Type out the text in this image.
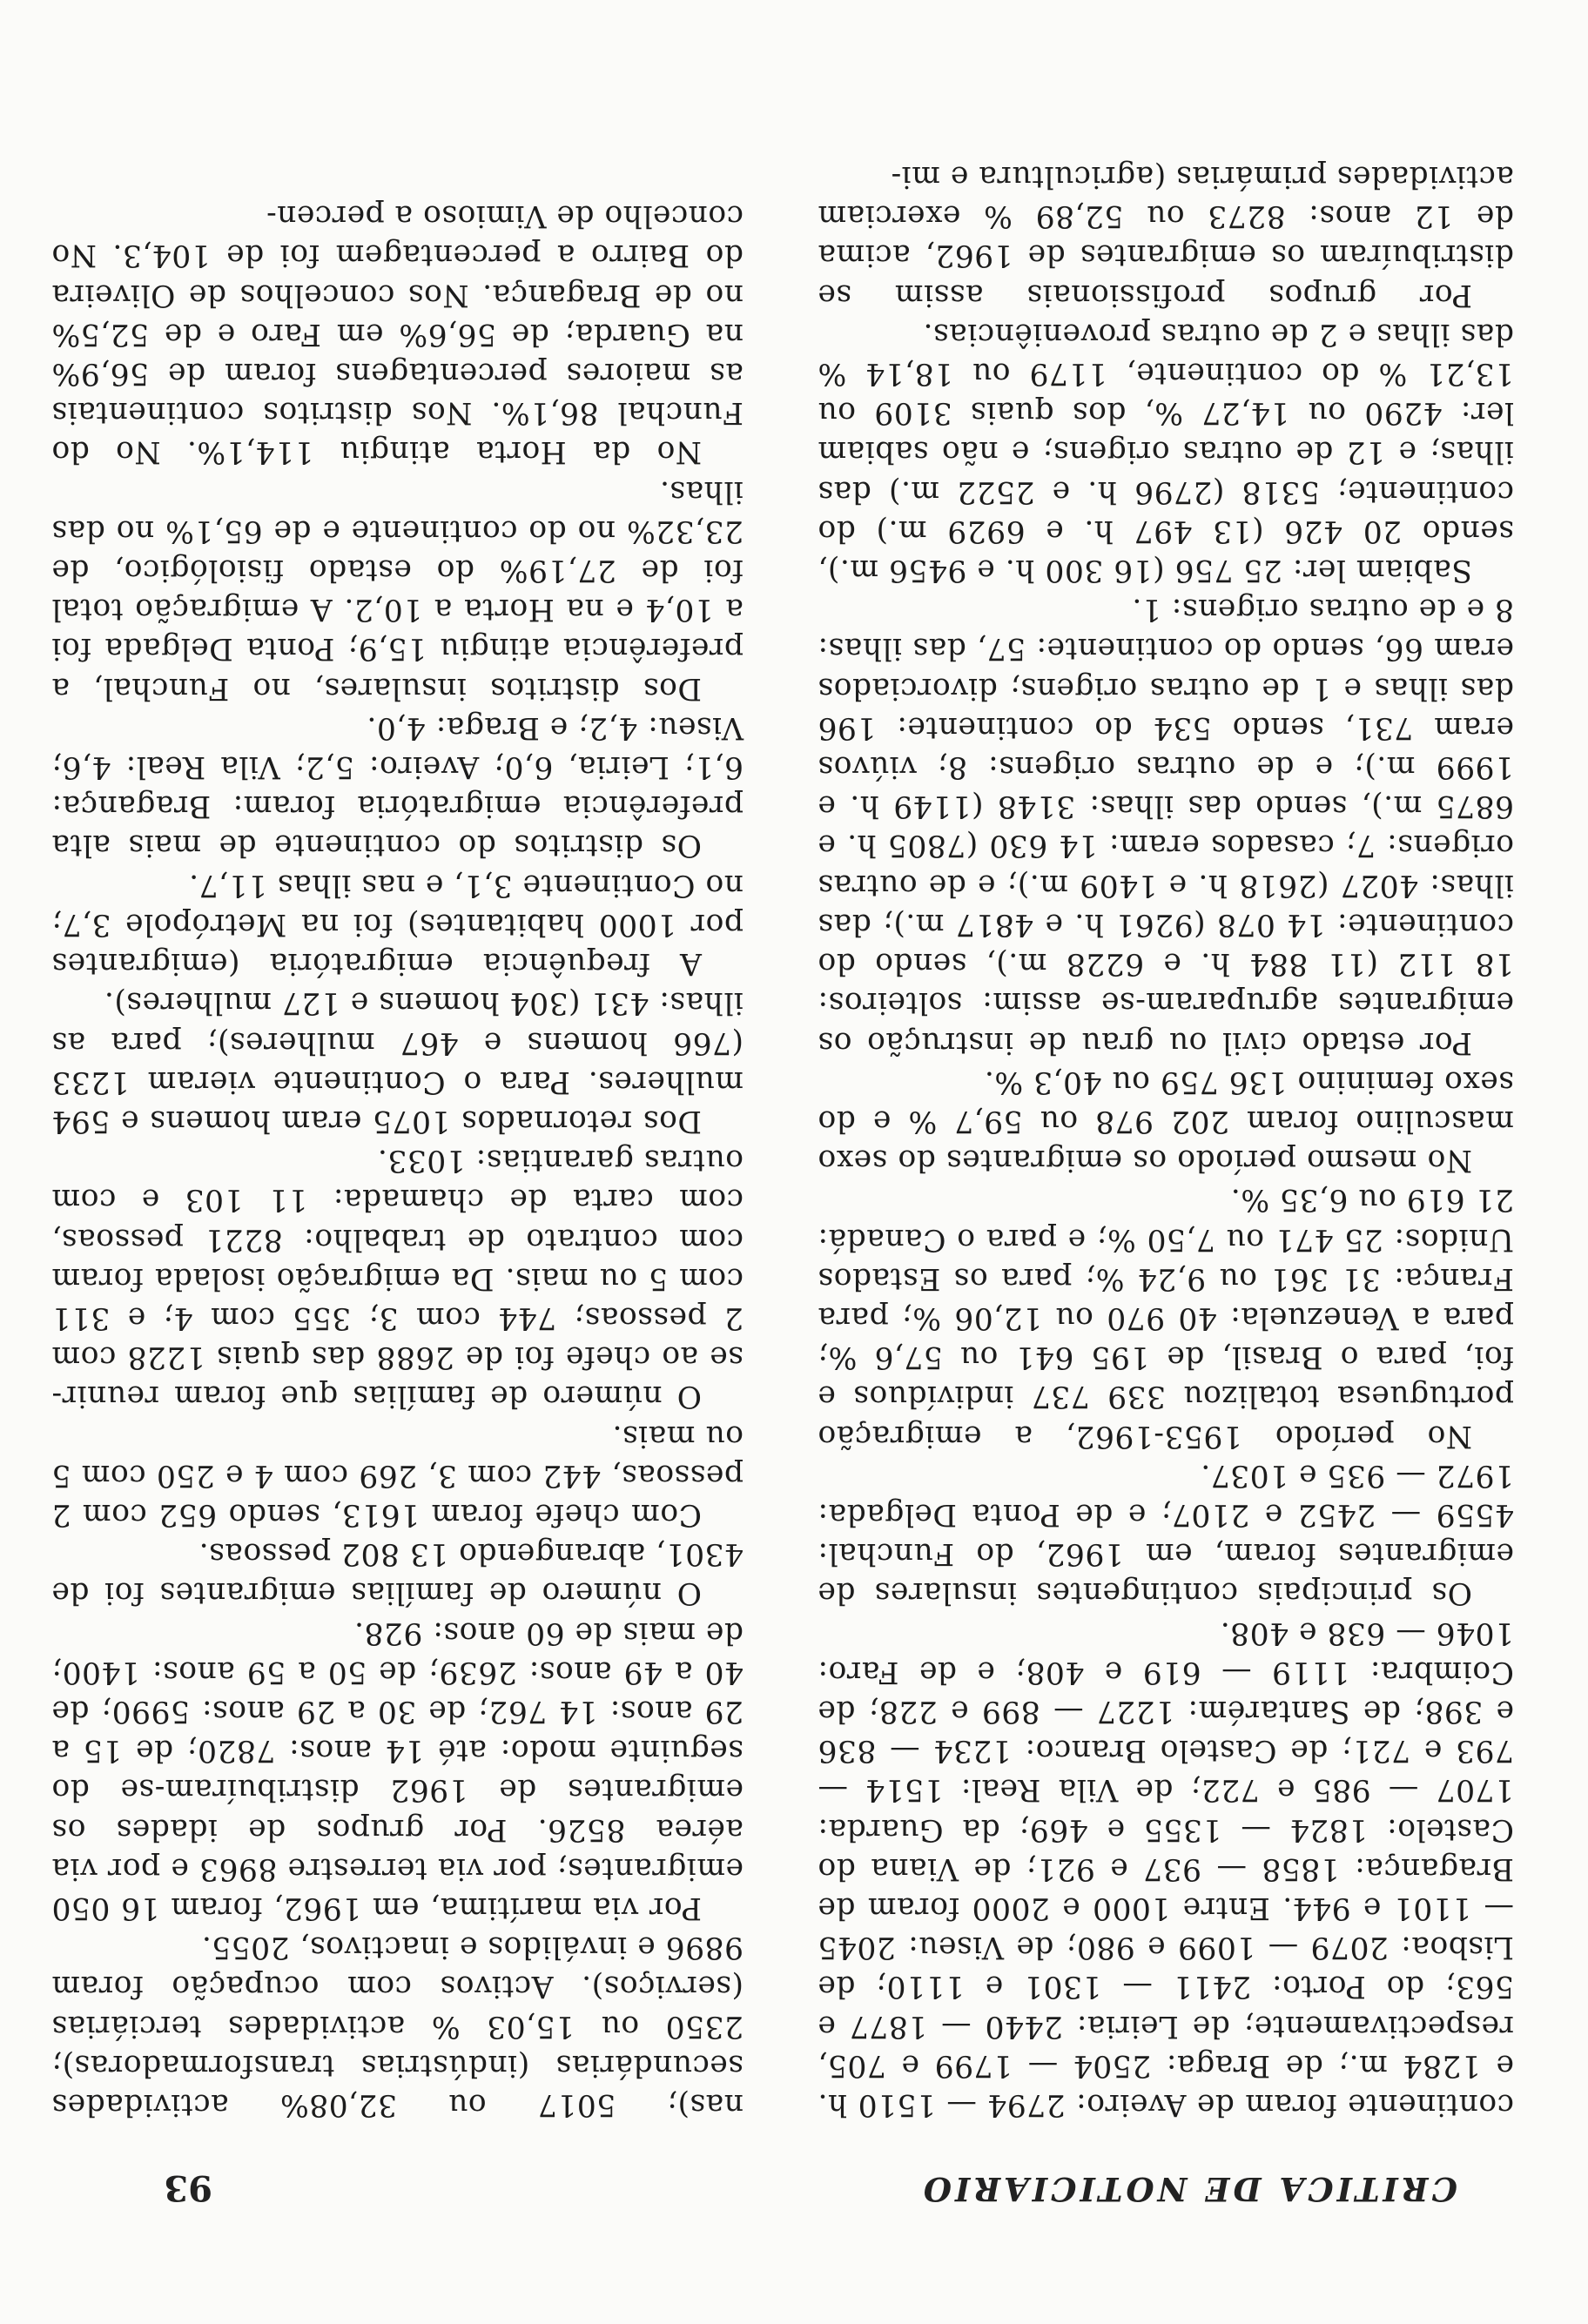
CRITICA DE NOTICIARIO
93

continente foram de Aveiro: 2794 — 1510 h. e 1284 m.; de Braga: 2504 — 1799 e 705, respectivamente; de Leiria: 2440 — 1877 e 563; do Porto: 2411 — 1301 e 1110; de Lisboa: 2079 — 1099 e 980; de Viseu: 2045 — 1101 e 944. Entre 1000 e 2000 foram de Bragança: 1858 — 937 e 921; de Viana do Castelo: 1824 — 1355 e 469; da Guarda: 1707 — 985 e 722; de Vila Real: 1514 — 793 e 721; de Castelo Branco: 1234 — 836 e 398; de Santarém: 1227 — 899 e 228; de Coimbra: 1119 — 619 e 408; e de Faro: 1046 — 638 e 408.

Os principais contingentes insulares de emigrantes foram, em 1962, do Funchal: 4559 — 2452 e 2107; e de Ponta Delgada: 1972 — 935 e 1037.

No período 1953-1962, a emigração portuguesa totalizou 339 737 indivíduos e foi, para o Brasil, de 195 641 ou 57,6 %; para a Venezuela: 40 970 ou 12,06 %; para França: 31 361 ou 9,24 %; para os Estados Unidos: 25 471 ou 7,50 %; e para o Canadá: 21 619 ou 6,35 %.

No mesmo período os emigrantes do sexo masculino foram 202 978 ou 59,7 % e do sexo feminino 136 759 ou 40,3 %.

Por estado civil ou grau de instrução os emigrantes agruparam-se assim: solteiros: 18 112 (11 884 h. e 6228 m.), sendo do continente: 14 078 (9261 h. e 4817 m.); das ilhas: 4027 (2618 h. e 1409 m.); e de outras origens: 7; casados eram: 14 630 (7805 h. e 6875 m.), sendo das ilhas: 3148 (1149 h. e 1999 m.); e de outras origens: 8; viúvos eram 731, sendo 534 do continente: 196 das ilhas e 1 de outras origens; divorciados eram 66, sendo do continente: 57, das ilhas: 8 e de outras origens: 1.

Sabiam ler: 25 756 (16 300 h. e 9456 m.), sendo 20 426 (13 497 h. e 6929 m.) do continente; 5318 (2796 h. e 2522 m.) das ilhas; e 12 de outras origens; e não sabiam ler: 4290 ou 14,27 %, dos quais 3109 ou 13,21 % do continente, 1179 ou 18,14 % das ilhas e 2 de outras proveniências.

Por grupos profissionais assim se distribuíram os emigrantes de 1962, acima de 12 anos: 8273 ou 52,89 % exerciam actividades primárias (agricultura e mi-

nas); 5017 ou 32,08% actividades secundárias (indústrias transformadoras); 2350 ou 15,03 % actividades terciárias (serviços). Activos com ocupação foram 9896 e inválidos e inactivos, 2055.

Por via marítima, em 1962, foram 16 050 emigrantes; por via terrestre 8963 e por via aérea 8526. Por grupos de idades os emigrantes de 1962 distribuíram-se do seguinte modo: até 14 anos: 7820; de 15 a 29 anos: 14 762; de 30 a 29 anos: 5990; de 40 a 49 anos: 2639; de 50 a 59 anos: 1400; de mais de 60 anos: 928.

O número de famílias emigrantes foi de 4301, abrangendo 13 802 pessoas.

Com chefe foram 1613, sendo 652 com 2 pessoas, 442 com 3, 269 com 4 e 250 com 5 ou mais.

O número de famílias que foram reunir-se ao chefe foi de 2688 das quais 1228 com 2 pessoas; 744 com 3; 355 com 4; e 311 com 5 ou mais. Da emigração isolada foram com contrato de trabalho: 8221 pessoas, com carta de chamada: 11 103 e com outras garantias: 1033.

Dos retornados 1075 eram homens e 594 mulheres. Para o Continente vieram 1233 (766 homens e 467 mulheres); para as ilhas: 431 (304 homens e 127 mulheres).

A frequência emigratória (emigrantes por 1000 habitantes) foi na Metrópole 3,7; no Continente 3,1, e nas ilhas 11,7.

Os distritos do continente de mais alta preferência emigratória foram: Bragança: 6,1; Leiria, 6,0; Aveiro: 5,2; Vila Real: 4,6; Viseu: 4,2; e Braga: 4,0.

Dos distritos insulares, no Funchal, a preferência atingiu 15,9; Ponta Delgada foi a 10,4 e na Horta a 10,2. A emigração total foi de 27,19% do estado fisiológico, de 23,32% no do continente e de 65,1% no das ilhas.

No da Horta atingiu 114,1%. No do Funchal 86,1%. Nos distritos continentais as maiores percentagens foram de 56,9% na Guarda; de 56,6% em Faro e de 52,5% no de Bragança. Nos concelhos de Oliveira do Bairro a percentagem foi de 104,3. No concelho de Vimioso a percen-
